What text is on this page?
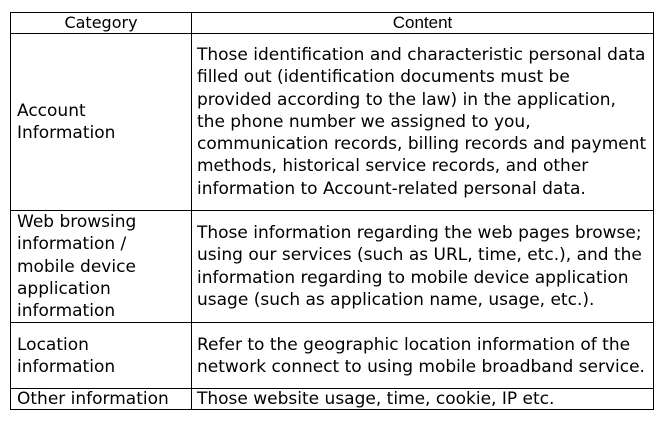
Category	Content
Account Information	Those identification and characteristic personal data filled out (identification documents must be provided according to the law) in the application, the phone number we assigned to you, communication records, billing records and payment methods, historical service records, and other information to Account-related personal data.
Web browsing information / mobile device application information	Those information regarding the web pages browse; using our services (such as URL, time, etc.), and the information regarding to mobile device application usage (such as application name, usage, etc.).
Location information	Refer to the geographic location information of the network connect to using mobile broadband service.
Other information	Those website usage, time, cookie, IP etc.
